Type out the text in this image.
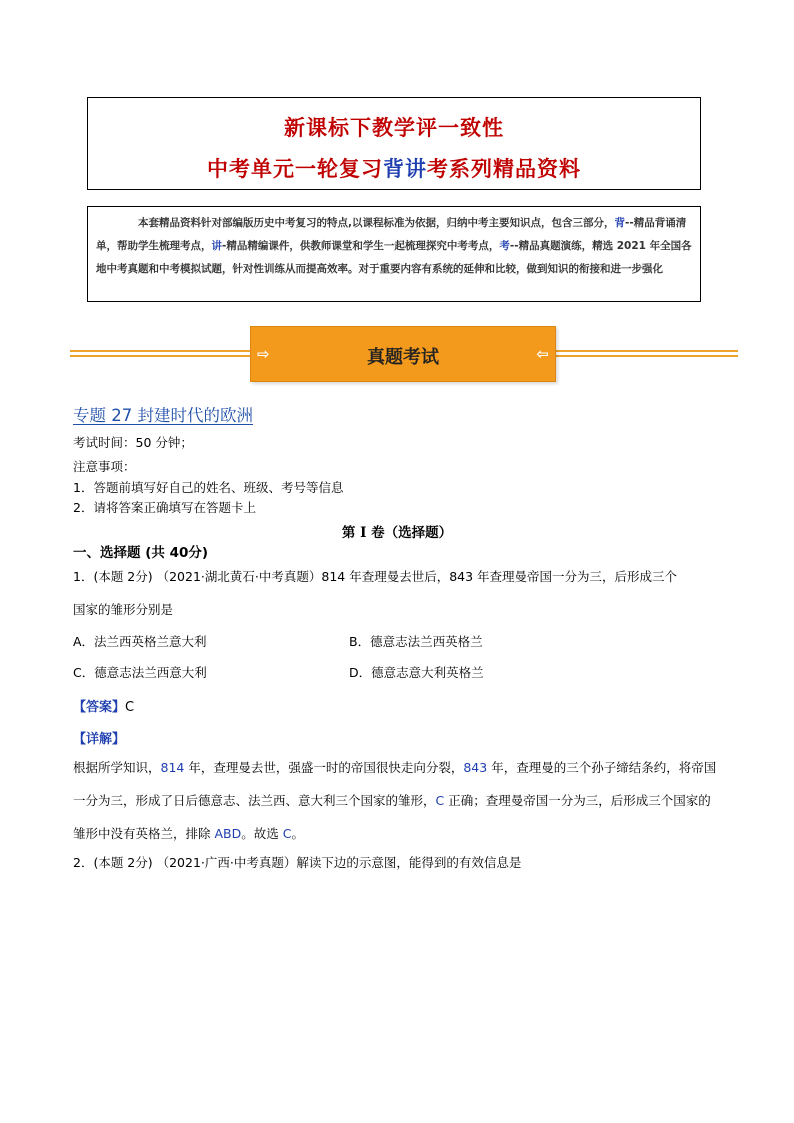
新课标下教学评一致性
中考单元一轮复习背讲考系列精品资料
本套精品资料针对部编版历史中考复习的特点,以课程标准为依据，归纳中考主要知识点，包含三部分，背--精品背诵清单，帮助学生梳理考点，讲-精品精编课件，供教师课堂和学生一起梳理探究中考考点，考--精品真题演练，精选 2021 年全国各地中考真题和中考模拟试题，针对性训练从而提高效率。对于重要内容有系统的延伸和比较，做到知识的衔接和进一步强化
⇨	真题考试	⇦
专题 27 封建时代的欧洲
考试时间：50 分钟；
注意事项：
1．答题前填写好自己的姓名、班级、考号等信息
2．请将答案正确填写在答题卡上
第 I 卷（选择题）
一、选择题 (共 40分)
1．(本题 2分) （2021·湖北黄石·中考真题）814 年查理曼去世后，843 年查理曼帝国一分为三，后形成三个
国家的雏形分别是
A．法兰西英格兰意大利	B．德意志法兰西英格兰
C．德意志法兰西意大利	D．德意志意大利英格兰
【答案】C
【详解】
根据所学知识，814 年，查理曼去世，强盛一时的帝国很快走向分裂，843 年，查理曼的三个孙子缔结条约，将帝国一分为三，形成了日后德意志、法兰西、意大利三个国家的雏形，C 正确；查理曼帝国一分为三，后形成三个国家的雏形中没有英格兰，排除 ABD。故选 C。
2．(本题 2分) （2021·广西·中考真题）解读下边的示意图，能得到的有效信息是
